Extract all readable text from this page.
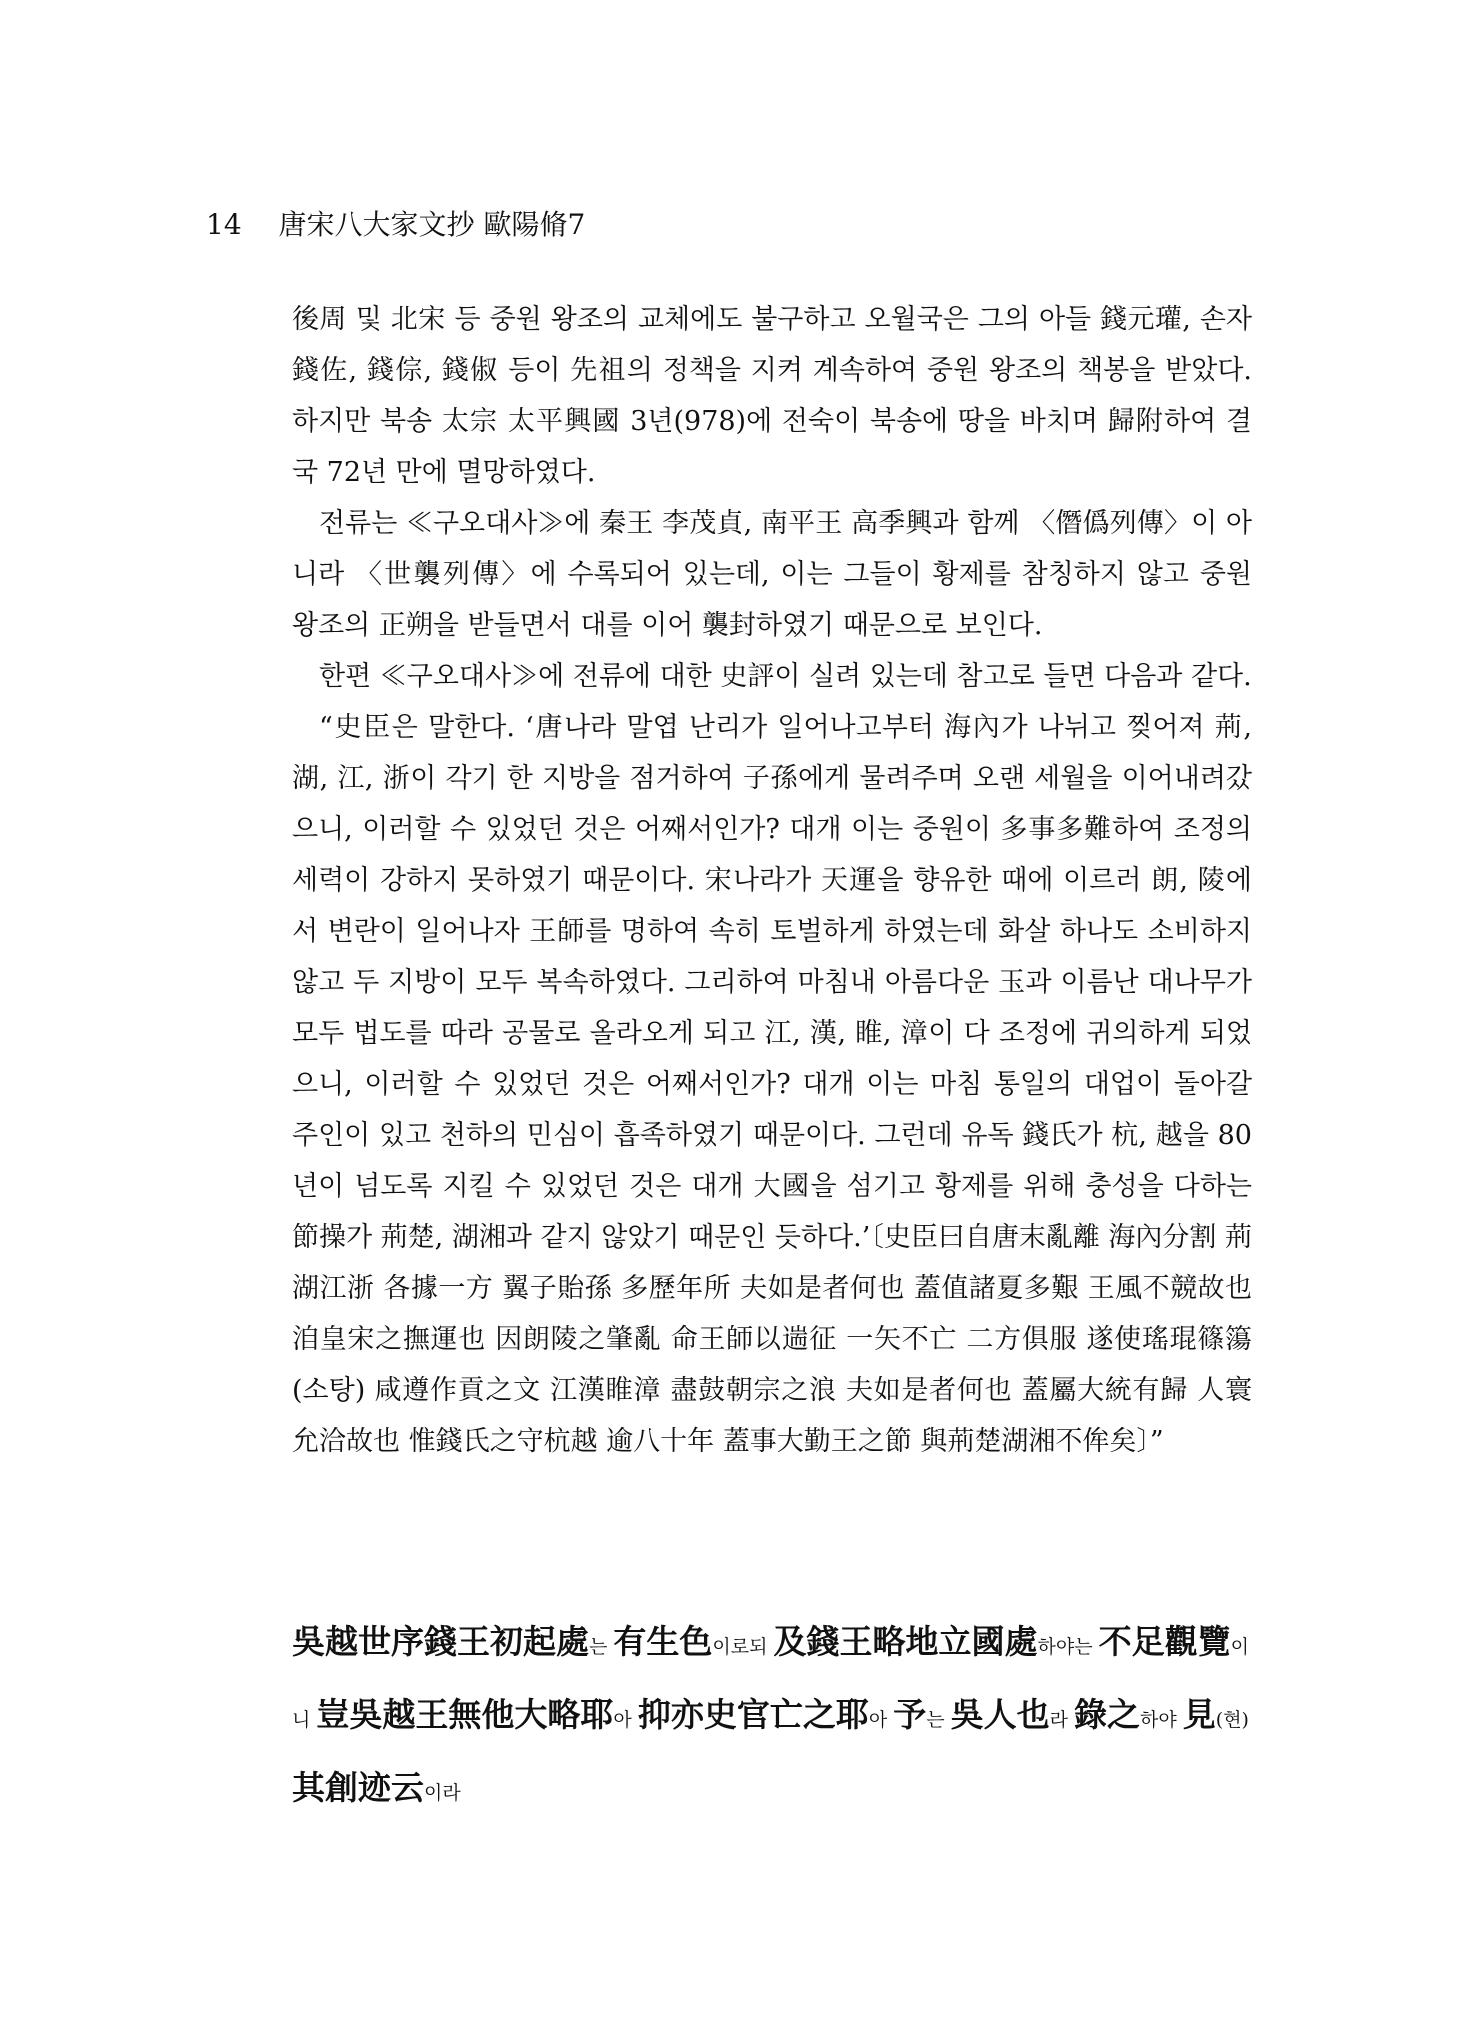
14 唐宋八大家文抄 歐陽脩7

後周 및 北宋 등 중원 왕조의 교체에도 불구하고 오월국은 그의 아들 錢元瓘, 손자 錢佐, 錢倧, 錢俶 등이 先祖의 정책을 지켜 계속하여 중원 왕조의 책봉을 받았다. 하지만 북송 太宗 太平興國 3년(978)에 전숙이 북송에 땅을 바치며 歸附하여 결국 72년 만에 멸망하였다.

전류는 ≪구오대사≫에 秦王 李茂貞, 南平王 高季興과 함께 〈僭僞列傳〉이 아니라 〈世襲列傳〉에 수록되어 있는데, 이는 그들이 황제를 참칭하지 않고 중원 왕조의 正朔을 받들면서 대를 이어 襲封하였기 때문으로 보인다.

한편 ≪구오대사≫에 전류에 대한 史評이 실려 있는데 참고로 들면 다음과 같다.

“史臣은 말한다. ‘唐나라 말엽 난리가 일어나고부터 海內가 나뉘고 찢어져 荊, 湖, 江, 浙이 각기 한 지방을 점거하여 子孫에게 물려주며 오랜 세월을 이어내려갔으니, 이러할 수 있었던 것은 어째서인가? 대개 이는 중원이 多事多難하여 조정의 세력이 강하지 못하였기 때문이다. 宋나라가 天運을 향유한 때에 이르러 朗, 陵에서 변란이 일어나자 王師를 명하여 속히 토벌하게 하였는데 화살 하나도 소비하지 않고 두 지방이 모두 복속하였다. 그리하여 마침내 아름다운 玉과 이름난 대나무가 모두 법도를 따라 공물로 올라오게 되고 江, 漢, 睢, 漳이 다 조정에 귀의하게 되었으니, 이러할 수 있었던 것은 어째서인가? 대개 이는 마침 통일의 대업이 돌아갈 주인이 있고 천하의 민심이 흡족하였기 때문이다. 그런데 유독 錢氏가 杭, 越을 80년이 넘도록 지킬 수 있었던 것은 대개 大國을 섬기고 황제를 위해 충성을 다하는 節操가 荊楚, 湖湘과 같지 않았기 때문인 듯하다.’〔史臣曰自唐末亂離 海內分割 荊湖江浙 各據一方 翼子貽孫 多歷年所 夫如是者何也 蓋值諸夏多艱 王風不競故也 洎皇宋之撫運也 因朗陵之肇亂 命王師以遄征 一矢不亡 二方俱服 遂使瑤琨篠簜(소탕) 咸遵作貢之文 江漢睢漳 盡鼓朝宗之浪 夫如是者何也 蓋屬大統有歸 人寰允洽故也 惟錢氏之守杭越 逾八十年 蓋事大勤王之節 與荊楚湖湘不侔矣〕”

吳越世序錢王初起處는 有生色이로되 及錢王略地立國處하야는 不足觀覽이니 豈吳越王無他大略耶아 抑亦史官亡之耶아 予는 吳人也라 錄之하야 見(현)其創迹云이라
